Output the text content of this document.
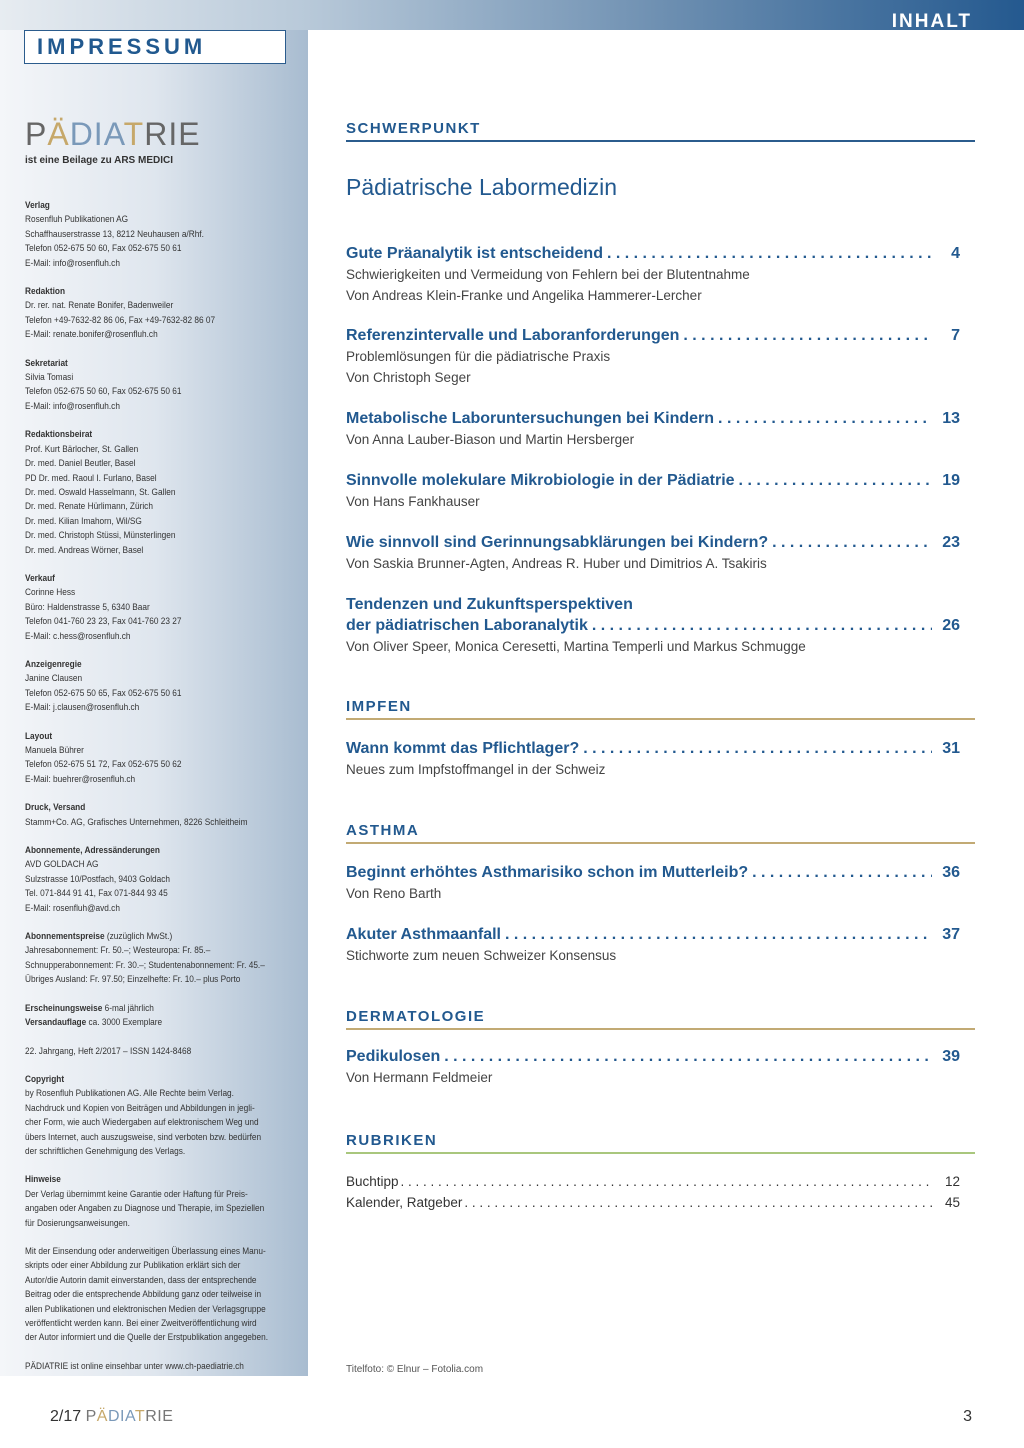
INHALT
IMPRESSUM
PÄDIATRIE
ist eine Beilage zu ARS MEDICI
Verlag
Rosenfluh Publikationen AG
Schaffhauserstrasse 13, 8212 Neuhausen a/Rhf.
Telefon 052-675 50 60, Fax 052-675 50 61
E-Mail: info@rosenfluh.ch
Redaktion
Dr. rer. nat. Renate Bonifer, Badenweiler
Telefon +49-7632-82 86 06, Fax +49-7632-82 86 07
E-Mail: renate.bonifer@rosenfluh.ch
Sekretariat
Silvia Tomasi
Telefon 052-675 50 60, Fax 052-675 50 61
E-Mail: info@rosenfluh.ch
Redaktionsbeirat
Prof. Kurt Bärlocher, St. Gallen
Dr. med. Daniel Beutler, Basel
PD Dr. med. Raoul I. Furlano, Basel
Dr. med. Oswald Hasselmann, St. Gallen
Dr. med. Renate Hürlimann, Zürich
Dr. med. Kilian Imahorn, Wil/SG
Dr. med. Christoph Stüssi, Münsterlingen
Dr. med. Andreas Wörner, Basel
Verkauf
Corinne Hess
Büro: Haldenstrasse 5, 6340 Baar
Telefon 041-760 23 23, Fax 041-760 23 27
E-Mail: c.hess@rosenfluh.ch
Anzeigenregie
Janine Clausen
Telefon 052-675 50 65, Fax 052-675 50 61
E-Mail: j.clausen@rosenfluh.ch
Layout
Manuela Bührer
Telefon 052-675 51 72, Fax 052-675 50 62
E-Mail: buehrer@rosenfluh.ch
Druck, Versand
Stamm+Co. AG, Grafisches Unternehmen, 8226 Schleitheim
Abonnemente, Adressänderungen
AVD GOLDACH AG
Sulzstrasse 10/Postfach, 9403 Goldach
Tel. 071-844 91 41, Fax 071-844 93 45
E-Mail: rosenfluh@avd.ch
Abonnementspreise (zuzüglich MwSt.)
Jahresabonnement: Fr. 50.–; Westeuropa: Fr. 85.–
Schnupperabonnement: Fr. 30.–; Studentenabonnement: Fr. 45.–
Übriges Ausland: Fr. 97.50; Einzelhefte: Fr. 10.– plus Porto
Erscheinungsweise 6-mal jährlich
Versandauflage ca. 3000 Exemplare
22. Jahrgang, Heft 2/2017 – ISSN 1424-8468
Copyright
by Rosenfluh Publikationen AG. Alle Rechte beim Verlag.
Nachdruck und Kopien von Beiträgen und Abbildungen in jegli-
cher Form, wie auch Wiedergaben auf elektronischem Weg und
übers Internet, auch auszugsweise, sind verboten bzw. bedürfen
der schriftlichen Genehmigung des Verlags.
Hinweise
Der Verlag übernimmt keine Garantie oder Haftung für Preis-
angaben oder Angaben zu Diagnose und Therapie, im Speziellen
für Dosierungsanweisungen.
Mit der Einsendung oder anderweitigen Überlassung eines Manu-
skripts oder einer Abbildung zur Publikation erklärt sich der
Autor/die Autorin damit einverstanden, dass der entsprechende
Beitrag oder die entsprechende Abbildung ganz oder teilweise in
allen Publikationen und elektronischen Medien der Verlagsgruppe
veröffentlicht werden kann. Bei einer Zweitveröffentlichung wird
der Autor informiert und die Quelle der Erstpublikation angegeben.
PÄDIATRIE ist online einsehbar unter www.ch-paediatrie.ch
SCHWERPUNKT
Pädiatrische Labormedizin
Gute Präanalytik ist entscheidend . . .	4
Schwierigkeiten und Vermeidung von Fehlern bei der Blutentnahme
Von Andreas Klein-Franke und Angelika Hammerer-Lercher
Referenzintervalle und Laboranforderungen . . .	7
Problemlösungen für die pädiatrische Praxis
Von Christoph Seger
Metabolische Laboruntersuchungen bei Kindern . . .	13
Von Anna Lauber-Biason und Martin Hersberger
Sinnvolle molekulare Mikrobiologie in der Pädiatrie . . .	19
Von Hans Fankhauser
Wie sinnvoll sind Gerinnungsabklärungen bei Kindern? . . .	23
Von Saskia Brunner-Agten, Andreas R. Huber und Dimitrios A. Tsakiris
Tendenzen und Zukunftsperspektiven
der pädiatrischen Laboranalytik . . .	26
Von Oliver Speer, Monica Ceresetti, Martina Temperli und Markus Schmugge
IMPFEN
Wann kommt das Pflichtlager? . . .	31
Neues zum Impfstoffmangel in der Schweiz
ASTHMA
Beginnt erhöhtes Asthmarisiko schon im Mutterleib? . . .	36
Von Reno Barth
Akuter Asthmaanfall . . .	37
Stichworte zum neuen Schweizer Konsensus
DERMATOLOGIE
Pedikulosen . . .	39
Von Hermann Feldmeier
RUBRIKEN
Buchtipp . . .	12
Kalender, Ratgeber . . .	45
Titelfoto: © Elnur – Fotolia.com
2/17 PÄDIATRIE	3
